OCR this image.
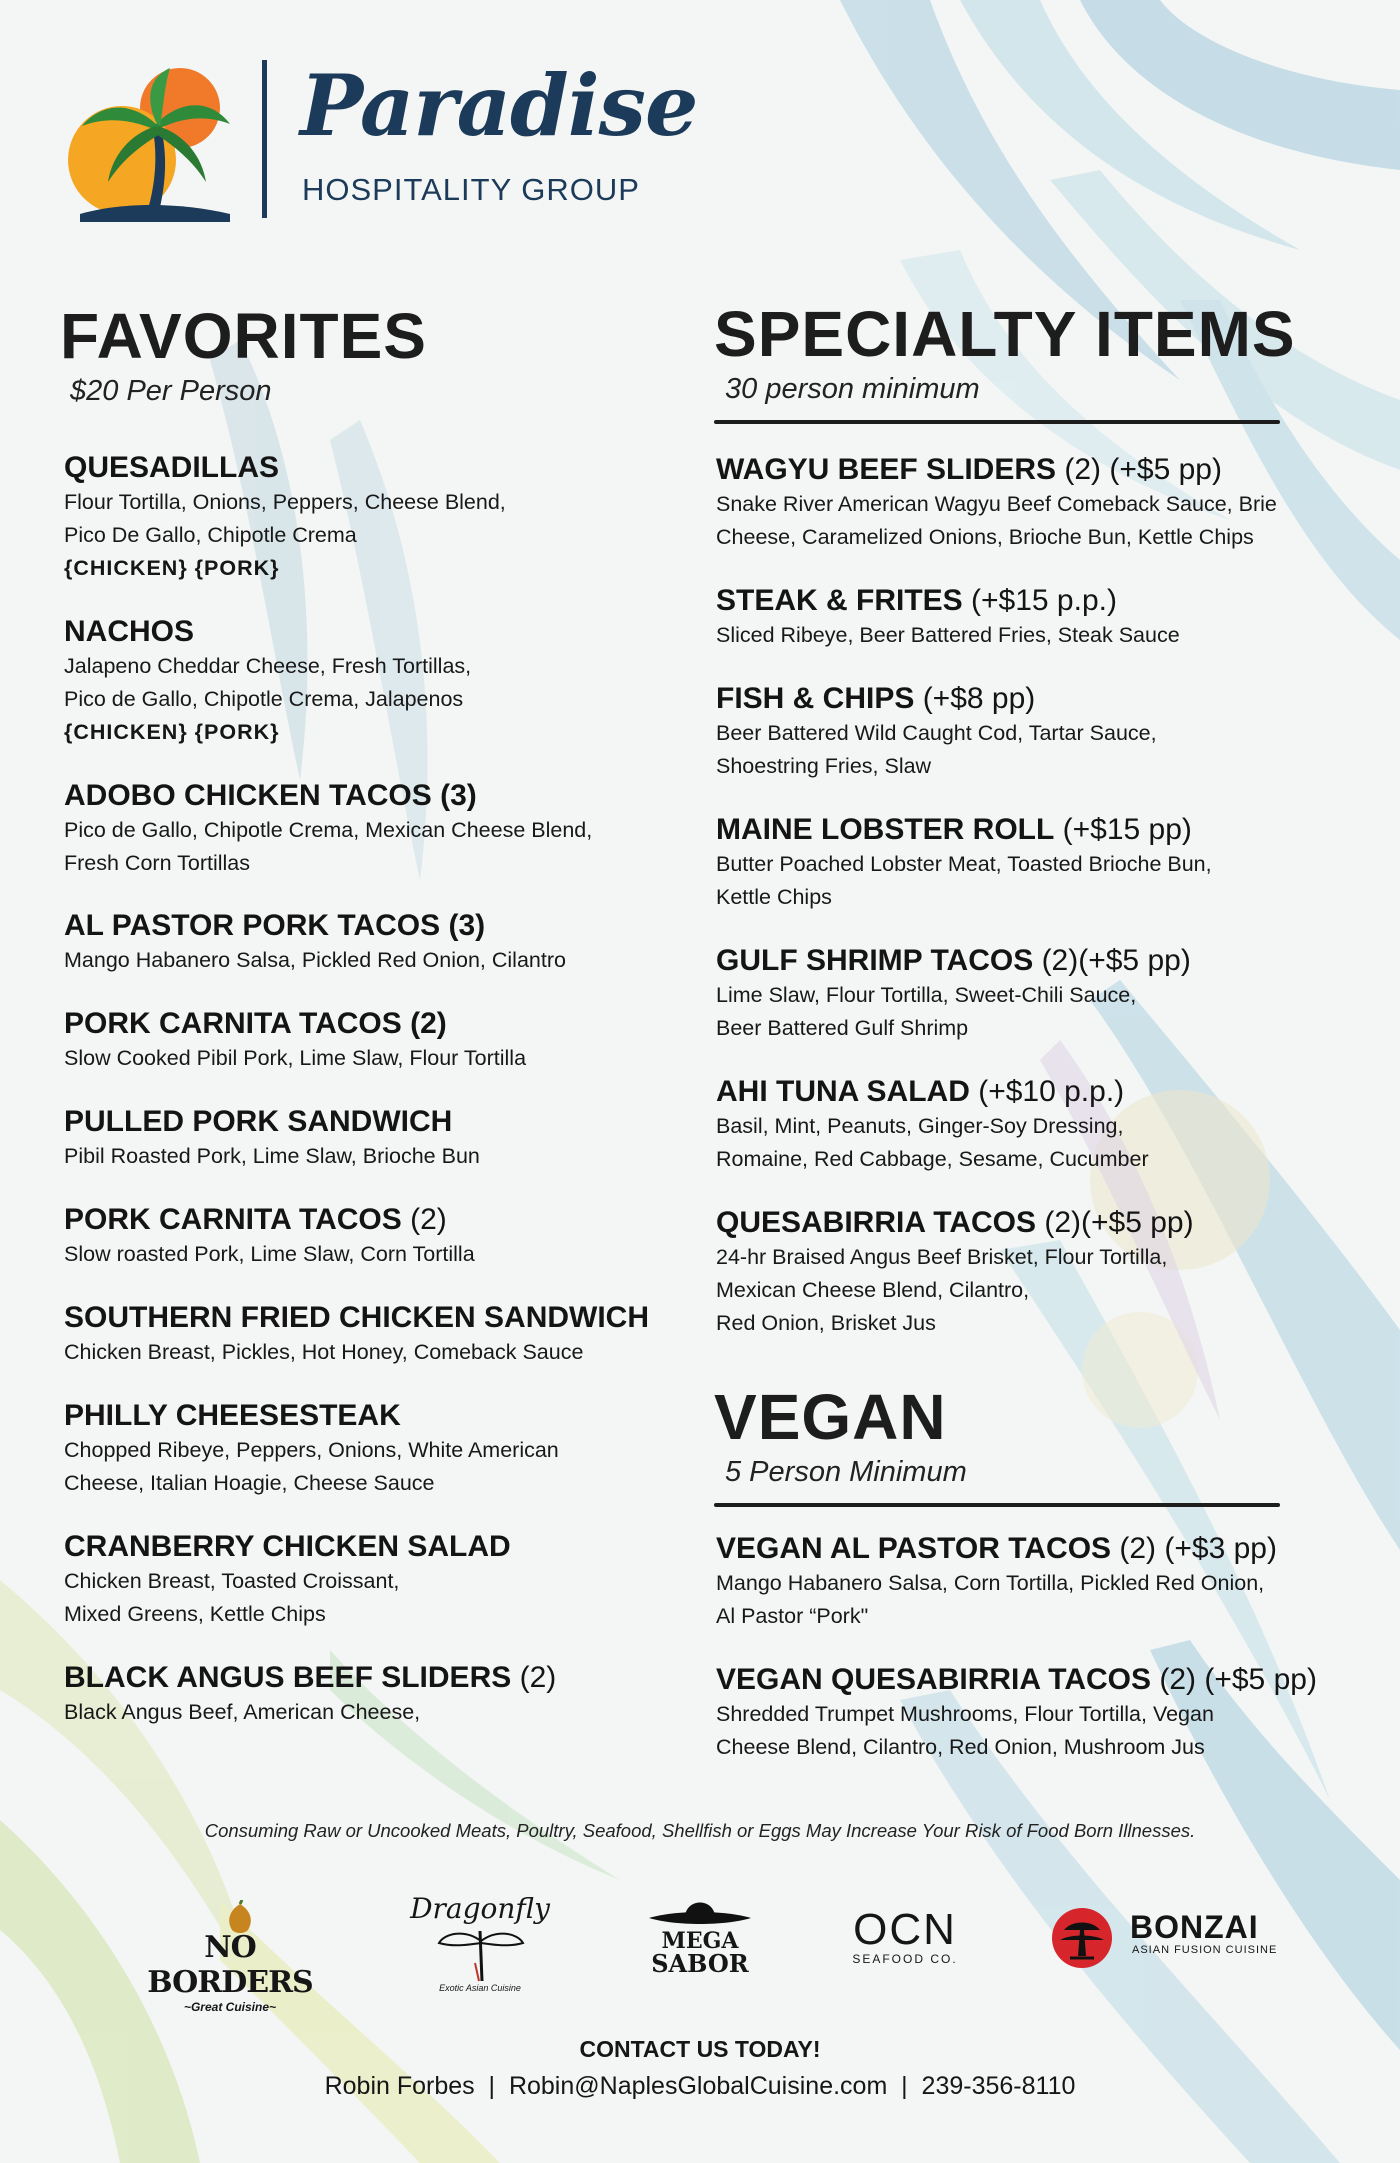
Paradise
HOSPITALITY GROUP
FAVORITES
$20 Per Person
QUESADILLAS
Flour Tortilla, Onions, Peppers, Cheese Blend,
Pico De Gallo, Chipotle Crema
{CHICKEN} {PORK}
NACHOS
Jalapeno Cheddar Cheese, Fresh Tortillas,
Pico de Gallo, Chipotle Crema, Jalapenos
{CHICKEN} {PORK}
ADOBO CHICKEN TACOS (3)
Pico de Gallo, Chipotle Crema, Mexican Cheese Blend,
Fresh Corn Tortillas
AL PASTOR PORK TACOS (3)
Mango Habanero Salsa, Pickled Red Onion, Cilantro
PORK CARNITA TACOS (2)
Slow Cooked Pibil Pork, Lime Slaw, Flour Tortilla
PULLED PORK SANDWICH
Pibil Roasted Pork, Lime Slaw, Brioche Bun
PORK CARNITA TACOS (2)
Slow roasted Pork, Lime Slaw, Corn Tortilla
SOUTHERN FRIED CHICKEN SANDWICH
Chicken Breast, Pickles, Hot Honey, Comeback Sauce
PHILLY CHEESESTEAK
Chopped Ribeye, Peppers, Onions, White American
Cheese, Italian Hoagie, Cheese Sauce
CRANBERRY CHICKEN SALAD
Chicken Breast, Toasted Croissant,
Mixed Greens, Kettle Chips
BLACK ANGUS BEEF SLIDERS (2)
Black Angus Beef, American Cheese,
SPECIALTY ITEMS
30 person minimum
WAGYU BEEF SLIDERS (2) (+$5 pp)
Snake River American Wagyu Beef Comeback Sauce, Brie
Cheese, Caramelized Onions, Brioche Bun, Kettle Chips
STEAK & FRITES (+$15 p.p.)
Sliced Ribeye, Beer Battered Fries, Steak Sauce
FISH & CHIPS (+$8 pp)
Beer Battered Wild Caught Cod, Tartar Sauce,
Shoestring Fries, Slaw
MAINE LOBSTER ROLL (+$15 pp)
Butter Poached Lobster Meat, Toasted Brioche Bun,
Kettle Chips
GULF SHRIMP TACOS (2)(+$5 pp)
Lime Slaw, Flour Tortilla, Sweet-Chili Sauce,
Beer Battered Gulf Shrimp
AHI TUNA SALAD (+$10 p.p.)
Basil, Mint, Peanuts, Ginger-Soy Dressing,
Romaine, Red Cabbage, Sesame, Cucumber
QUESABIRRIA TACOS (2)(+$5 pp)
24-hr Braised Angus Beef Brisket, Flour Tortilla,
Mexican Cheese Blend, Cilantro,
Red Onion, Brisket Jus
VEGAN
5 Person Minimum
VEGAN AL PASTOR TACOS (2) (+$3 pp)
Mango Habanero Salsa, Corn Tortilla, Pickled Red Onion,
Al Pastor “Pork"
VEGAN QUESABIRRIA TACOS (2) (+$5 pp)
Shredded Trumpet Mushrooms, Flour Tortilla, Vegan
Cheese Blend, Cilantro, Red Onion, Mushroom Jus
Consuming Raw or Uncooked Meats, Poultry, Seafood, Shellfish or Eggs May Increase Your Risk of Food Born Illnesses.
NO BORDERS
~Great Cuisine~
Dragonfly
Exotic Asian Cuisine
MEGA
SABOR
OCN
SEAFOOD CO.
BONZAI
ASIAN FUSION CUISINE
CONTACT US TODAY!
Robin Forbes  |  Robin@NaplesGlobalCuisine.com  |  239-356-8110
